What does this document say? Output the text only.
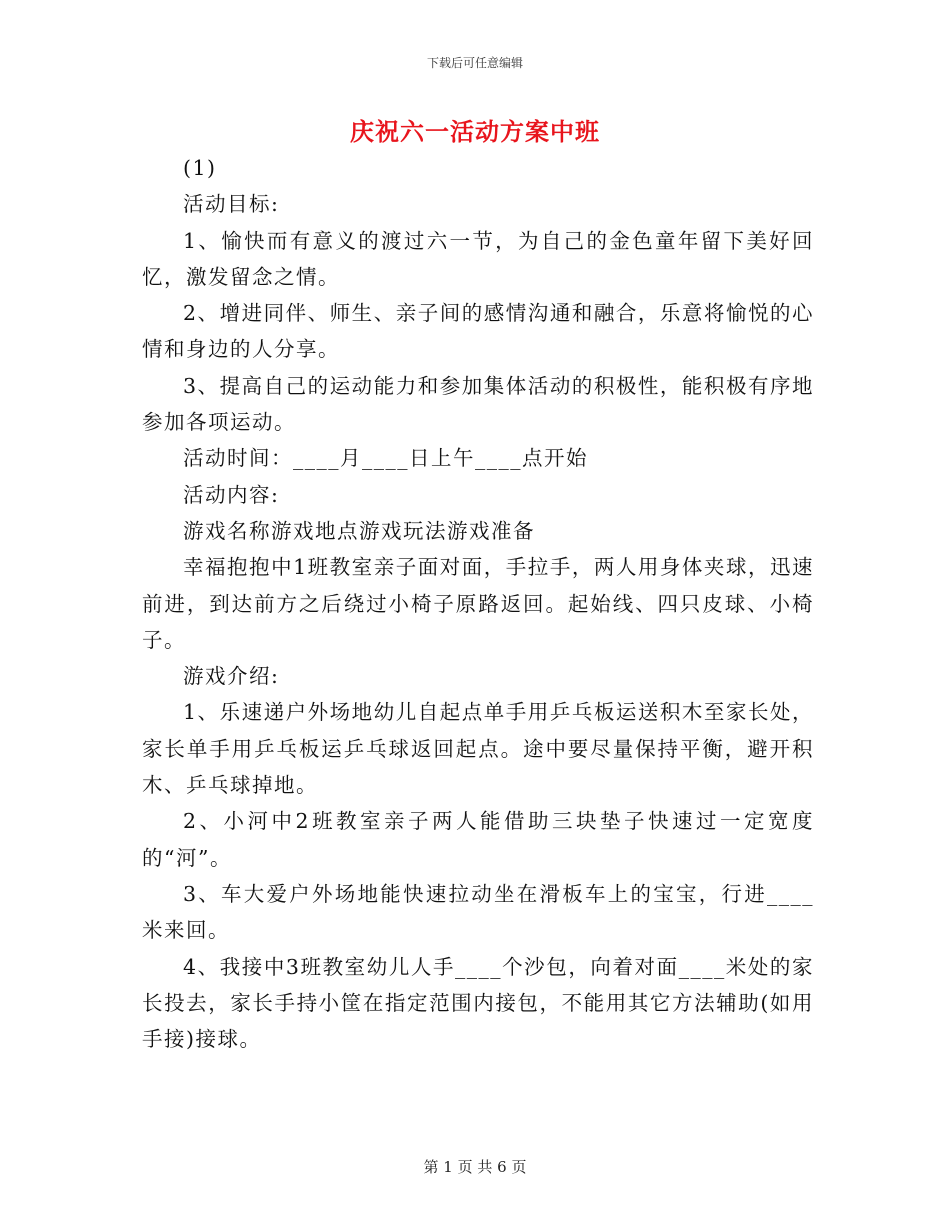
下载后可任意编辑
庆祝六一活动方案中班

(1)

活动目标:

1、愉快而有意义的渡过六一节，为自己的金色童年留下美好回忆，激发留念之情。

2、增进同伴、师生、亲子间的感情沟通和融合，乐意将愉悦的心情和身边的人分享。

3、提高自己的运动能力和参加集体活动的积极性，能积极有序地参加各项运动。

活动时间：____月____日上午____点开始

活动内容:

游戏名称游戏地点游戏玩法游戏准备

幸福抱抱中1班教室亲子面对面，手拉手，两人用身体夹球，迅速前进，到达前方之后绕过小椅子原路返回。起始线、四只皮球、小椅子。

游戏介绍:

1、乐速递户外场地幼儿自起点单手用乒乓板运送积木至家长处，家长单手用乒乓板运乒乓球返回起点。途中要尽量保持平衡，避开积木、乒乓球掉地。

2、小河中2班教室亲子两人能借助三块垫子快速过一定宽度的“河”。

3、车大爱户外场地能快速拉动坐在滑板车上的宝宝，行进____米来回。

4、我接中3班教室幼儿人手____个沙包，向着对面____米处的家长投去，家长手持小筐在指定范围内接包，不能用其它方法辅助(如用手接)接球。

第 1 页 共 6 页
